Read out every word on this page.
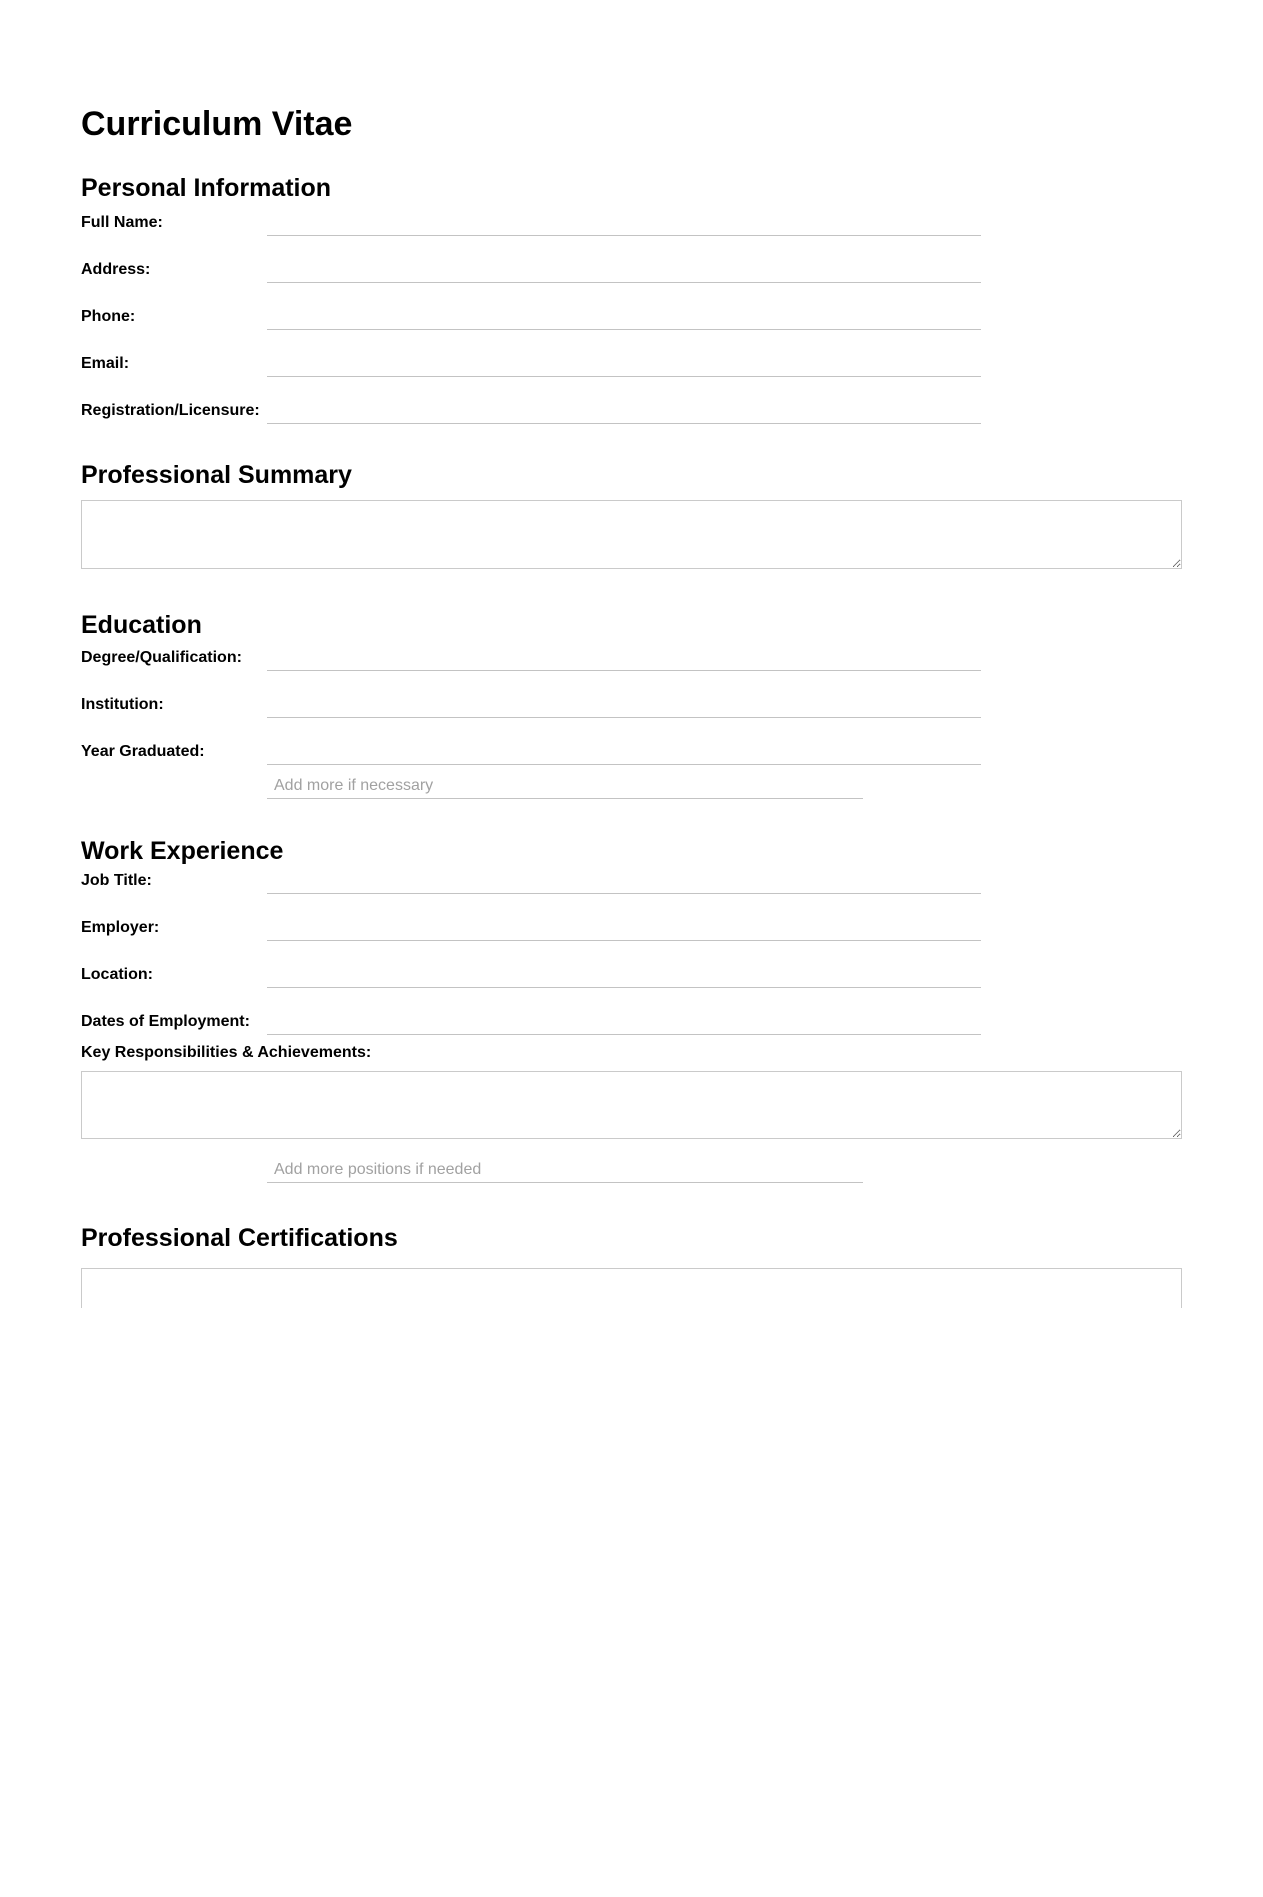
Curriculum Vitae
Personal Information
Full Name:
Address:
Phone:
Email:
Registration/Licensure:
Professional Summary
Education
Degree/Qualification:
Institution:
Year Graduated:
Add more if necessary
Work Experience
Job Title:
Employer:
Location:
Dates of Employment:
Key Responsibilities & Achievements:
Add more positions if needed
Professional Certifications
